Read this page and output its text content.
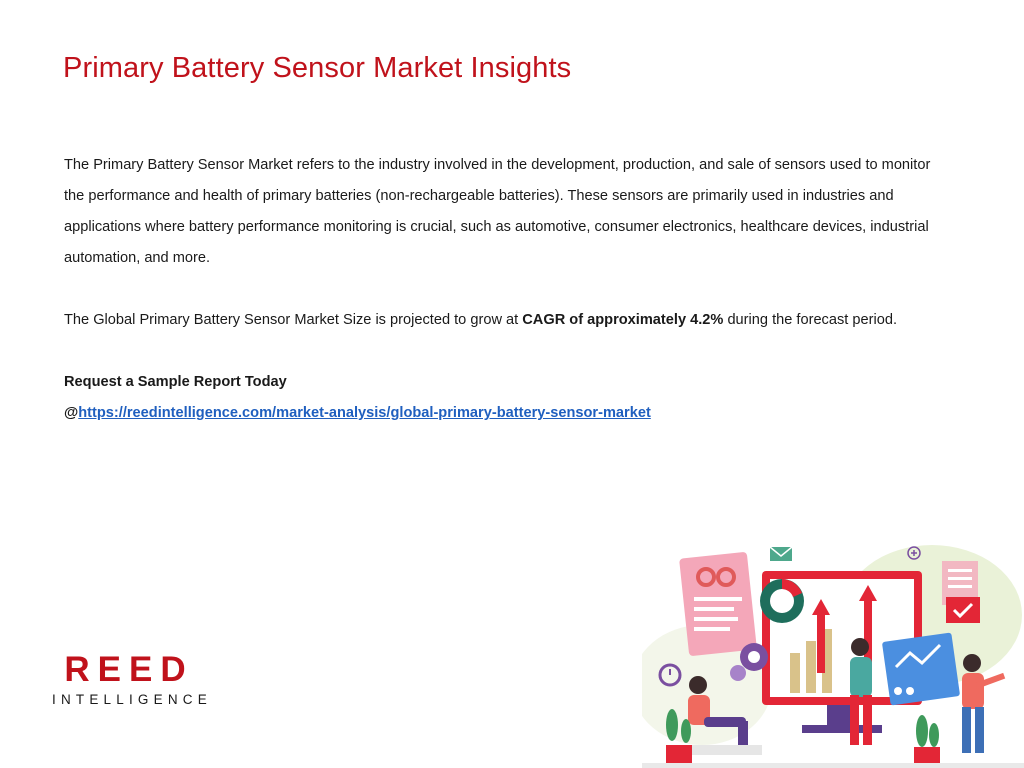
Primary Battery Sensor Market Insights

The Primary Battery Sensor Market refers to the industry involved in the development, production, and sale of sensors used to monitor the performance and health of primary batteries (non-rechargeable batteries). These sensors are primarily used in industries and applications where battery performance monitoring is crucial, such as automotive, consumer electronics, healthcare devices, industrial automation, and more.

The Global Primary Battery Sensor Market Size is projected to grow at CAGR of approximately 4.2% during the forecast period.

Request a Sample Report Today

@https://reedintelligence.com/market-analysis/global-primary-battery-sensor-market

REED
INTELLIGENCE
